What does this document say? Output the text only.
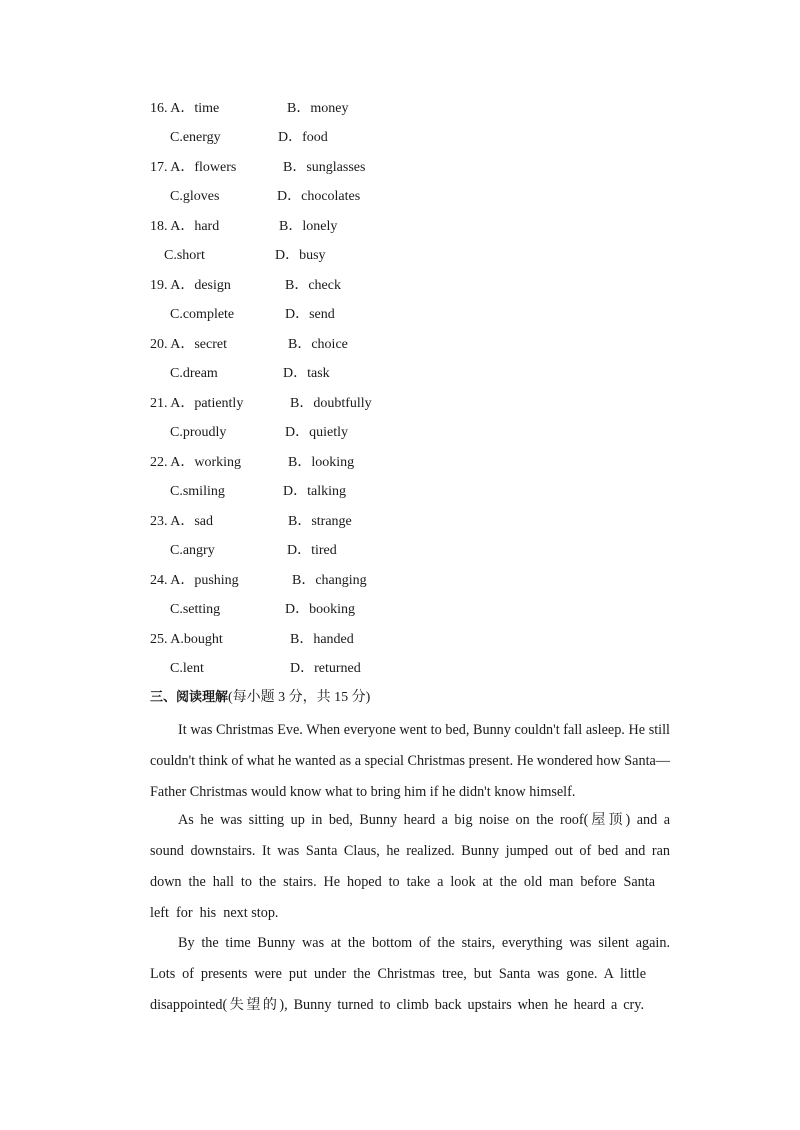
16. A．time	B．money
C.energy	D．food
17. A．flowers	B．sunglasses
C.gloves	D．chocolates
18. A．hard	B．lonely
C.short	D．busy
19. A．design	B．check
C.complete	D．send
20. A．secret	B．choice
C.dream	D．task
21. A．patiently	B．doubtfully
C.proudly	D．quietly
22. A．working	B．looking
C.smiling	D．talking
23. A．sad	B．strange
C.angry	D．tired
24. A．pushing	B．changing
C.setting	D．booking
25. A.bought	B．handed
C.lent	D．returned
三、阅读理解(每小题 3 分，共 15 分)

It was Christmas Eve. When everyone went to bed, Bunny couldn't fall asleep. He still

couldn't think of what he wanted as a special Christmas present. He wondered how Santa—

Father Christmas would know what to bring him if he didn't know himself.

As he was sitting up in bed, Bunny heard a big noise on the roof(屋顶) and a

sound downstairs. It was Santa Claus, he realized. Bunny jumped out of bed and ran

down the hall to the stairs. He hoped to take a look at the old man before Santa

left  for  his  next stop.

By the time Bunny was at the bottom of the stairs, everything was silent again.

Lots of presents were put under the Christmas tree, but Santa was gone. A little

disappointed(失望的), Bunny turned to climb back upstairs when he heard a cry.
